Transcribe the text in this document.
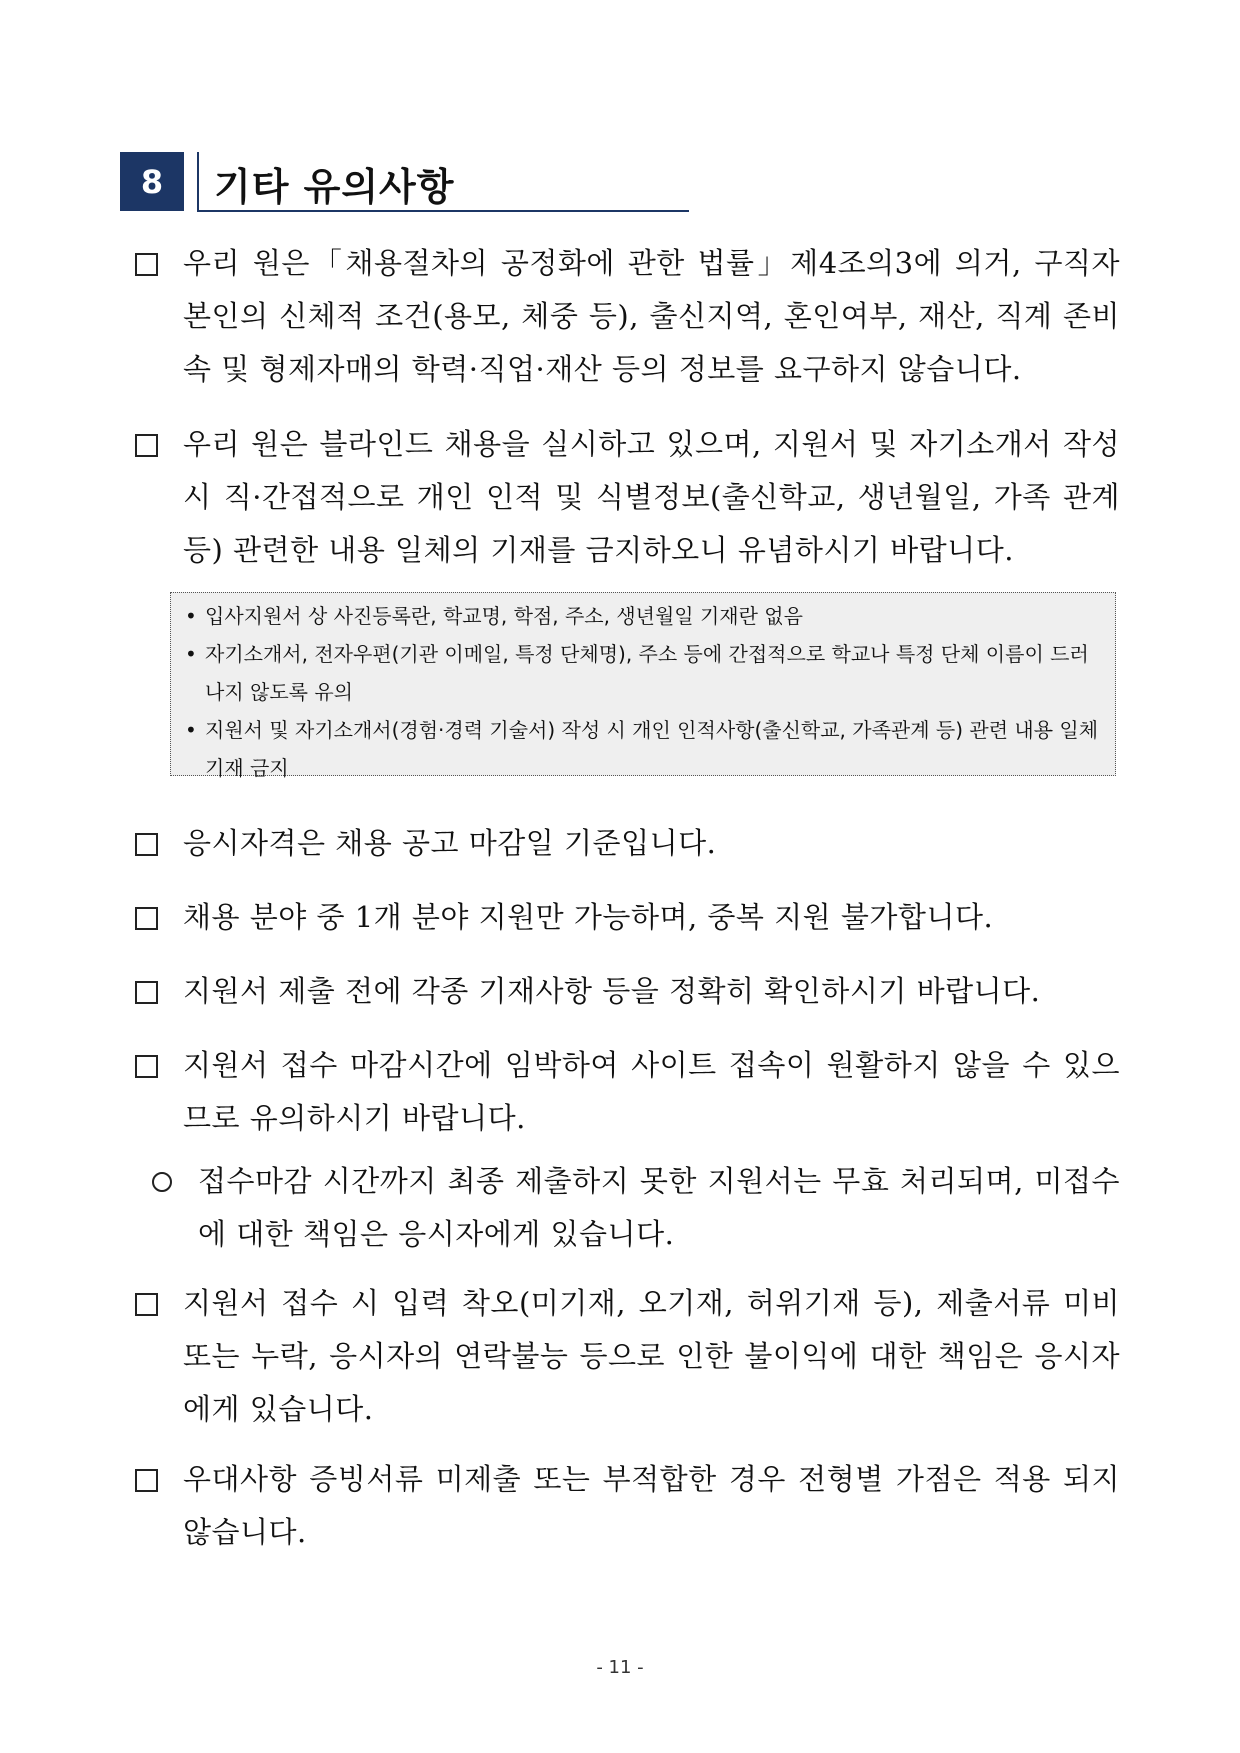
8	기타 유의사항
우리 원은「채용절차의 공정화에 관한 법률」제4조의3에 의거, 구직자 본인의 신체적 조건(용모, 체중 등), 출신지역, 혼인여부, 재산, 직계 존비속 및 형제자매의 학력·직업·재산 등의 정보를 요구하지 않습니다.
우리 원은 블라인드 채용을 실시하고 있으며, 지원서 및 자기소개서 작성 시 직·간접적으로 개인 인적 및 식별정보(출신학교, 생년월일, 가족 관계 등) 관련한 내용 일체의 기재를 금지하오니 유념하시기 바랍니다.
• 입사지원서 상 사진등록란, 학교명, 학점, 주소, 생년월일 기재란 없음
• 자기소개서, 전자우편(기관 이메일, 특정 단체명), 주소 등에 간접적으로 학교나 특정 단체 이름이 드러나지 않도록 유의
• 지원서 및 자기소개서(경험·경력 기술서) 작성 시 개인 인적사항(출신학교, 가족관계 등) 관련 내용 일체 기재 금지
응시자격은 채용 공고 마감일 기준입니다.
채용 분야 중 1개 분야 지원만 가능하며, 중복 지원 불가합니다.
지원서 제출 전에 각종 기재사항 등을 정확히 확인하시기 바랍니다.
지원서 접수 마감시간에 임박하여 사이트 접속이 원활하지 않을 수 있으므로 유의하시기 바랍니다.
접수마감 시간까지 최종 제출하지 못한 지원서는 무효 처리되며, 미접수에 대한 책임은 응시자에게 있습니다.
지원서 접수 시 입력 착오(미기재, 오기재, 허위기재 등), 제출서류 미비 또는 누락, 응시자의 연락불능 등으로 인한 불이익에 대한 책임은 응시자에게 있습니다.
우대사항 증빙서류 미제출 또는 부적합한 경우 전형별 가점은 적용 되지 않습니다.
- 11 -
